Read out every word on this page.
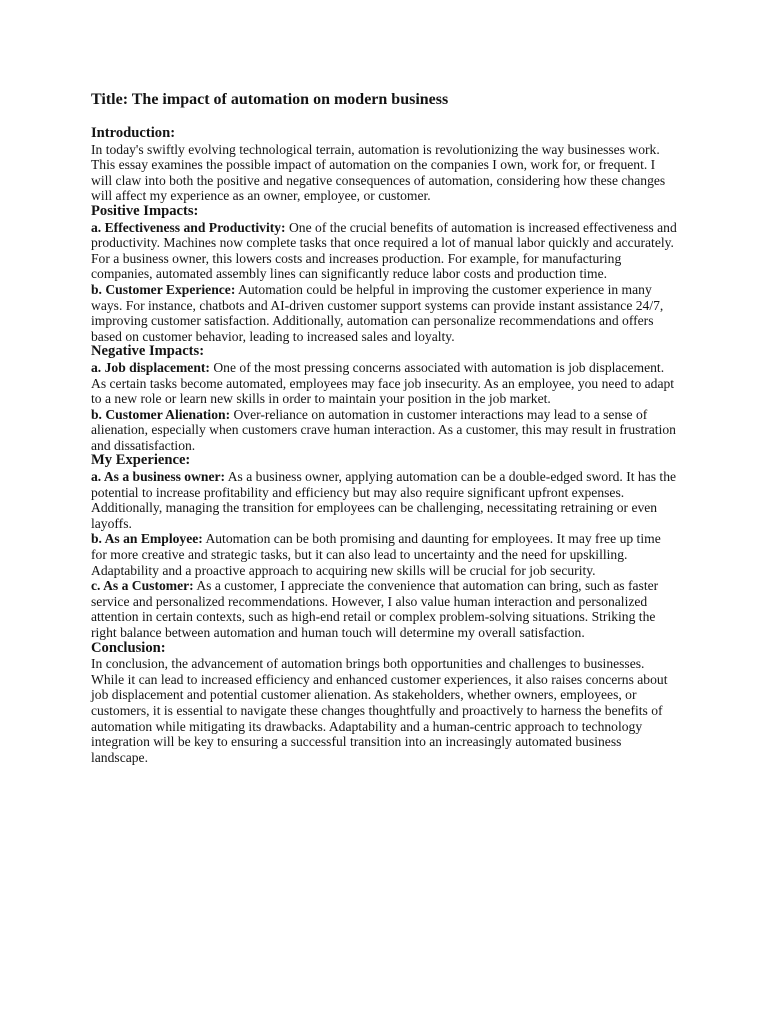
Title: The impact of automation on modern business
Introduction:

In today's swiftly evolving technological terrain, automation is revolutionizing the way businesses work. This essay examines the possible impact of automation on the companies I own, work for, or frequent. I will claw into both the positive and negative consequences of automation, considering how these changes will affect my experience as an owner, employee, or customer.

Positive Impacts:

a. Effectiveness and Productivity: One of the crucial benefits of automation is increased effectiveness and productivity. Machines now complete tasks that once required a lot of manual labor quickly and accurately. For a business owner, this lowers costs and increases production. For example, for manufacturing companies, automated assembly lines can significantly reduce labor costs and production time.

b. Customer Experience: Automation could be helpful in improving the customer experience in many ways. For instance, chatbots and AI-driven customer support systems can provide instant assistance 24/7, improving customer satisfaction. Additionally, automation can personalize recommendations and offers based on customer behavior, leading to increased sales and loyalty.

Negative Impacts:

a. Job displacement: One of the most pressing concerns associated with automation is job displacement. As certain tasks become automated, employees may face job insecurity. As an employee, you need to adapt to a new role or learn new skills in order to maintain your position in the job market.

b. Customer Alienation: Over-reliance on automation in customer interactions may lead to a sense of alienation, especially when customers crave human interaction. As a customer, this may result in frustration and dissatisfaction.

My Experience:

a. As a business owner: As a business owner, applying automation can be a double-edged sword. It has the potential to increase profitability and efficiency but may also require significant upfront expenses. Additionally, managing the transition for employees can be challenging, necessitating retraining or even layoffs.

b. As an Employee: Automation can be both promising and daunting for employees. It may free up time for more creative and strategic tasks, but it can also lead to uncertainty and the need for upskilling. Adaptability and a proactive approach to acquiring new skills will be crucial for job security.

c. As a Customer: As a customer, I appreciate the convenience that automation can bring, such as faster service and personalized recommendations. However, I also value human interaction and personalized attention in certain contexts, such as high-end retail or complex problem-solving situations. Striking the right balance between automation and human touch will determine my overall satisfaction.

Conclusion:

In conclusion, the advancement of automation brings both opportunities and challenges to businesses. While it can lead to increased efficiency and enhanced customer experiences, it also raises concerns about job displacement and potential customer alienation. As stakeholders, whether owners, employees, or customers, it is essential to navigate these changes thoughtfully and proactively to harness the benefits of automation while mitigating its drawbacks. Adaptability and a human-centric approach to technology integration will be key to ensuring a successful transition into an increasingly automated business landscape.
